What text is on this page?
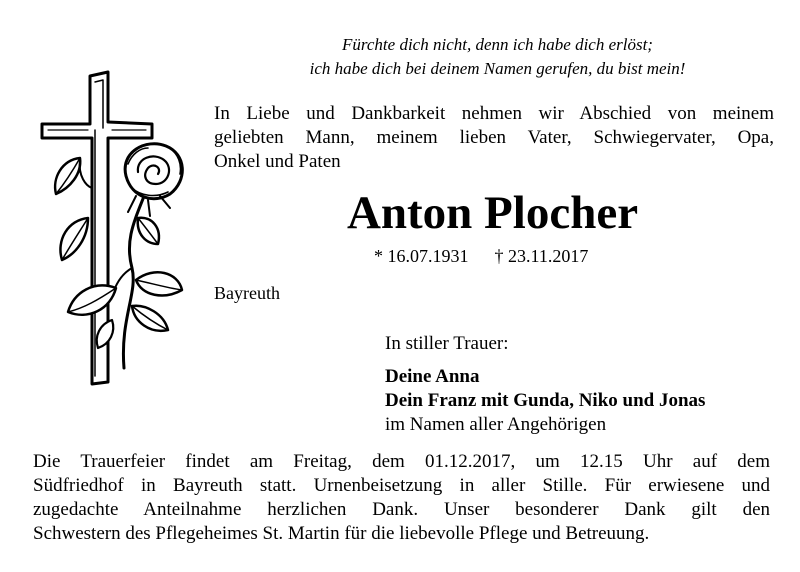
Fürchte dich nicht, denn ich habe dich erlöst;
ich habe dich bei deinem Namen gerufen, du bist mein!
In Liebe und Dankbarkeit nehmen wir Abschied von meinem
geliebten Mann, meinem lieben Vater, Schwiegervater, Opa,
Onkel und Paten
Anton Plocher
* 16.07.1931 † 23.11.2017
Bayreuth
In stiller Trauer:
Deine Anna
Dein Franz mit Gunda, Niko und Jonas
im Namen aller Angehörigen
Die Trauerfeier findet am Freitag, dem 01.12.2017, um 12.15 Uhr auf dem
Südfriedhof in Bayreuth statt. Urnenbeisetzung in aller Stille. Für erwiesene und
zugedachte Anteilnahme herzlichen Dank. Unser besonderer Dank gilt den
Schwestern des Pflegeheimes St. Martin für die liebevolle Pflege und Betreuung.
